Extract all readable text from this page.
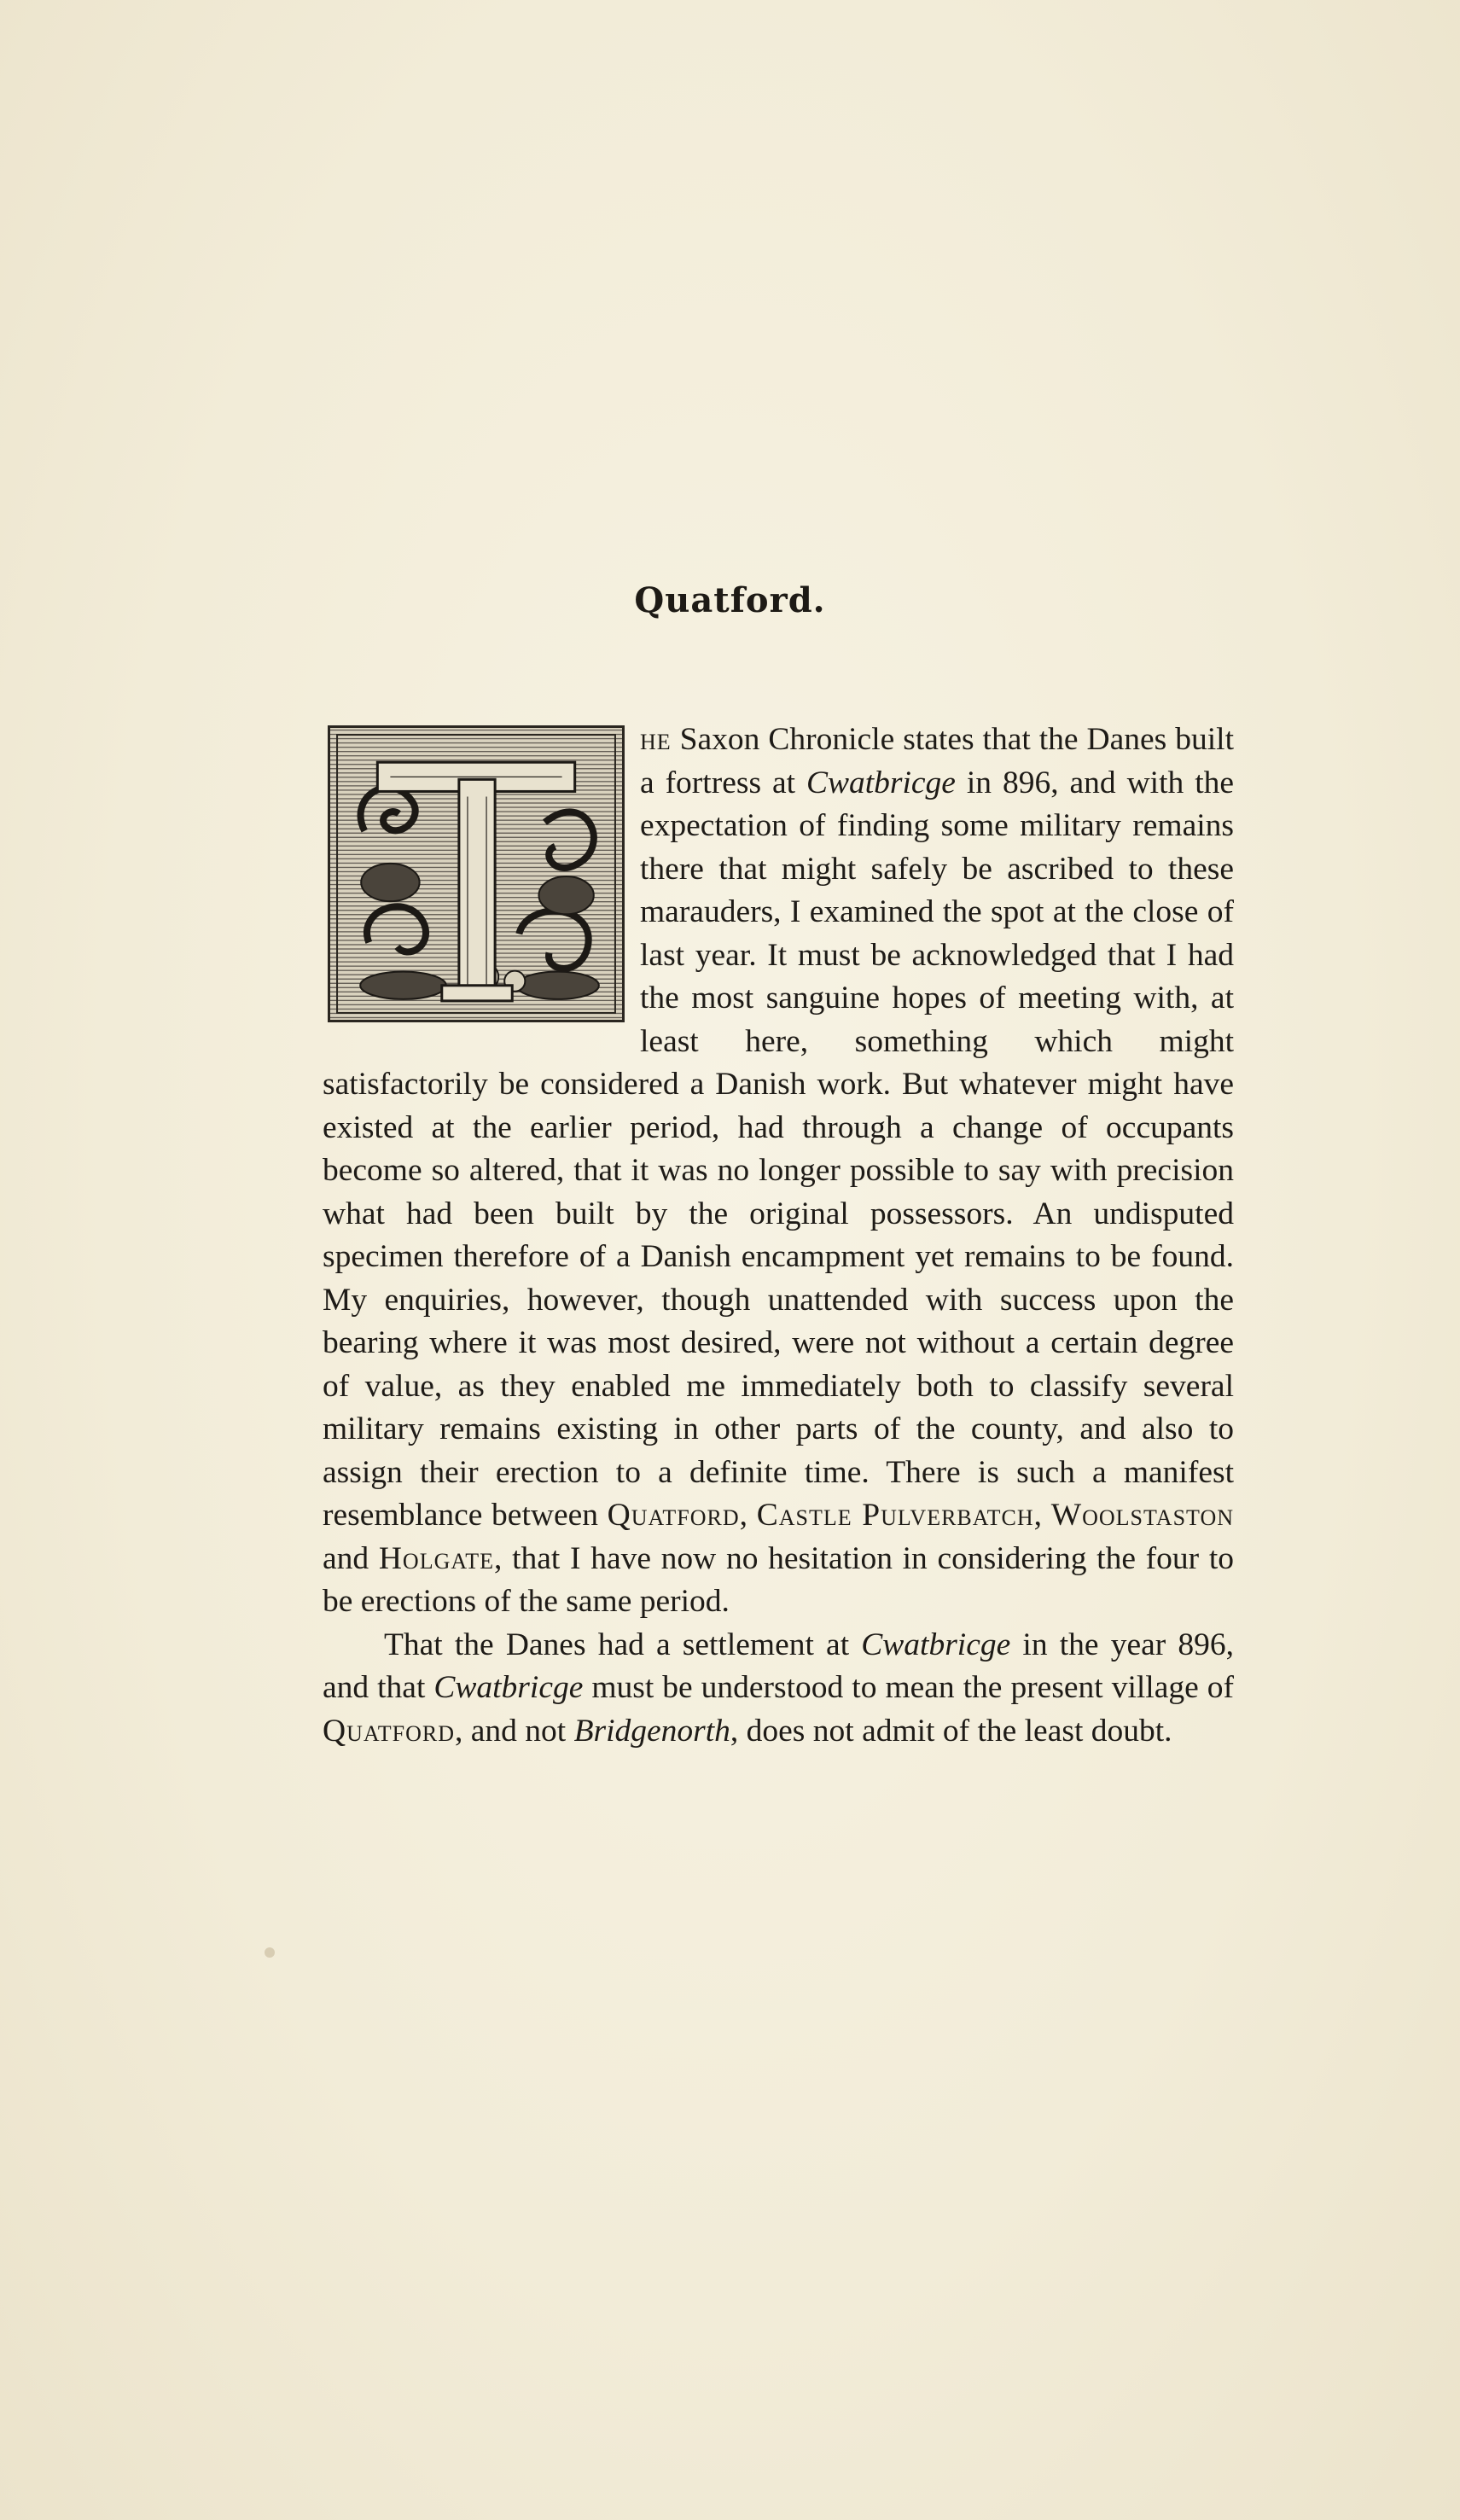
Quatford.

he Saxon Chronicle states that the Danes built a fortress at Cwatbricge in 896, and with the expectation of finding some military remains there that might safely be ascribed to these marauders, I examined the spot at the close of last year. It must be acknowledged that I had the most sanguine hopes of meeting with, at least here, something which might satisfactorily be considered a Danish work. But whatever might have existed at the earlier period, had through a change of occupants become so altered, that it was no longer possible to say with precision what had been built by the original possessors. An undisputed specimen therefore of a Danish encampment yet remains to be found. My enquiries, however, though unattended with success upon the bearing where it was most desired, were not without a certain degree of value, as they enabled me immediately both to classify several military remains existing in other parts of the county, and also to assign their erection to a definite time. There is such a manifest resemblance between Quatford, Castle Pulverbatch, Woolstaston and Holgate, that I have now no hesitation in considering the four to be erections of the same period.

That the Danes had a settlement at Cwatbricge in the year 896, and that Cwatbricge must be understood to mean the present village of Quatford, and not Bridgenorth, does not admit of the least doubt.
